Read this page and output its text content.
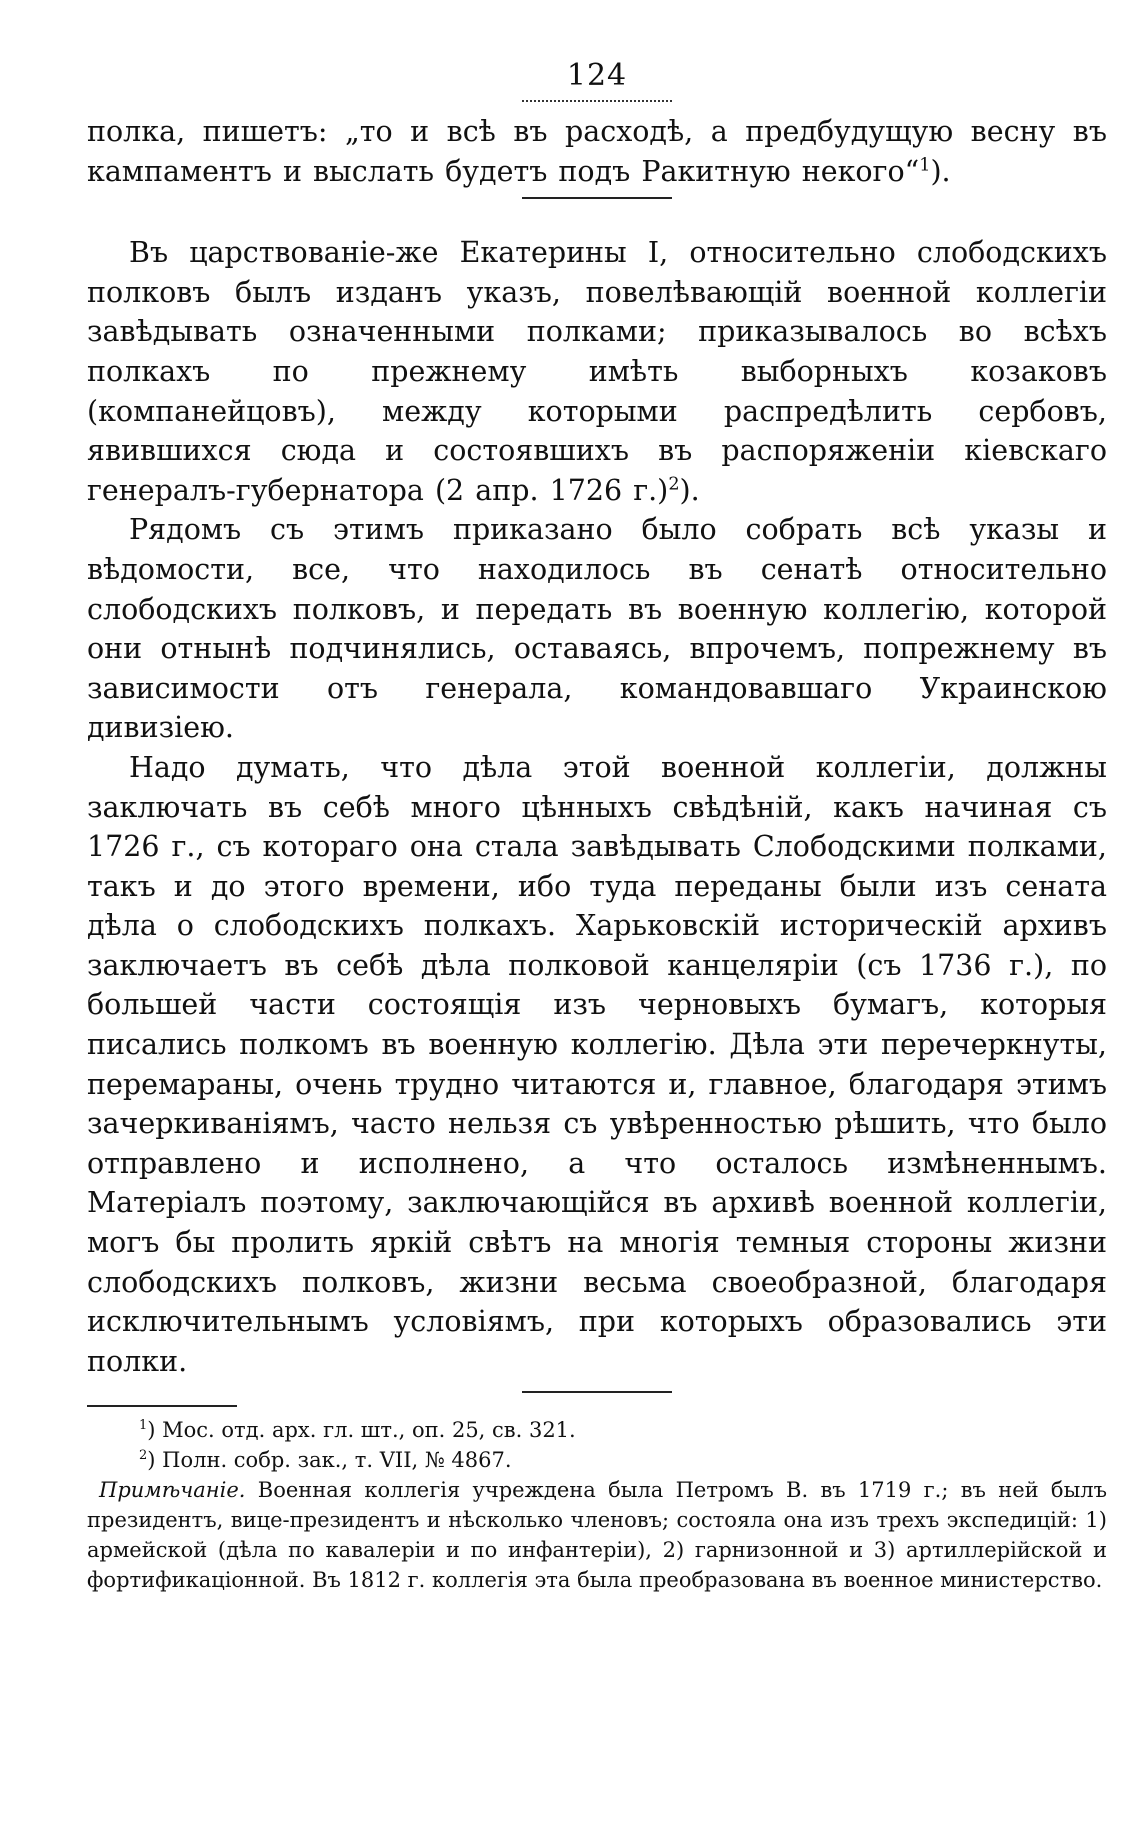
124

полка, пишетъ: „то и всѣ въ расходѣ, а предбудущую весну въ кампаментъ и выслать будетъ подъ Ракитную некого“$^1$).

Въ царствованіе-же Екатерины I, относительно слободскихъ полковъ былъ изданъ указъ, повелѣвающій военной коллегіи завѣдывать означенными полками; приказывалось во всѣхъ полкахъ по прежнему имѣть выборныхъ козаковъ (компанейцовъ), между которыми распредѣлить сербовъ, явившихся сюда и состоявшихъ въ распоряженіи кіевскаго генералъ-губернатора (2 апр. 1726 г.)$^2$).

Рядомъ съ этимъ приказано было собрать всѣ указы и вѣдомости, все, что находилось въ сенатѣ относительно слободскихъ полковъ, и передать въ военную коллегію, которой они отнынѣ подчинялись, оставаясь, впрочемъ, попрежнему въ зависимости отъ генерала, командовавшаго Украинскою дивизіею.

Надо думать, что дѣла этой военной коллегіи, должны заключать въ себѣ много цѣнныхъ свѣдѣній, какъ начиная съ 1726 г., съ котораго она стала завѣдывать Слободскими полками, такъ и до этого времени, ибо туда переданы были изъ сената дѣла о слободскихъ полкахъ. Харьковскій историческій архивъ заключаетъ въ себѣ дѣла полковой канцеляріи (съ 1736 г.), по большей части состоящія изъ черновыхъ бумагъ, которыя писались полкомъ въ военную коллегію. Дѣла эти перечеркнуты, перемараны, очень трудно читаются и, главное, благодаря этимъ зачеркиваніямъ, часто нельзя съ увѣренностью рѣшить, что было отправлено и исполнено, а что осталось измѣненнымъ. Матеріалъ поэтому, заключающійся въ архивѣ военной коллегіи, могъ бы пролить яркій свѣтъ на многія темныя стороны жизни слободскихъ полковъ, жизни весьма своеобразной, благодаря исключительнымъ условіямъ, при которыхъ образовались эти полки.

$^1$) Мос. отд. арх. гл. шт., оп. 25, св. 321.

$^2$) Полн. собр. зак., т. VII, № 4867.

Примѣчаніе. Военная коллегія учреждена была Петромъ В. въ 1719 г.; въ ней былъ президентъ, вице-президентъ и нѣсколько членовъ; состояла она изъ трехъ экспедицій: 1) армейской (дѣла по кавалеріи и по инфантеріи), 2) гарнизонной и 3) артиллерійской и фортификаціонной. Въ 1812 г. коллегія эта была преобразована въ военное министерство.
